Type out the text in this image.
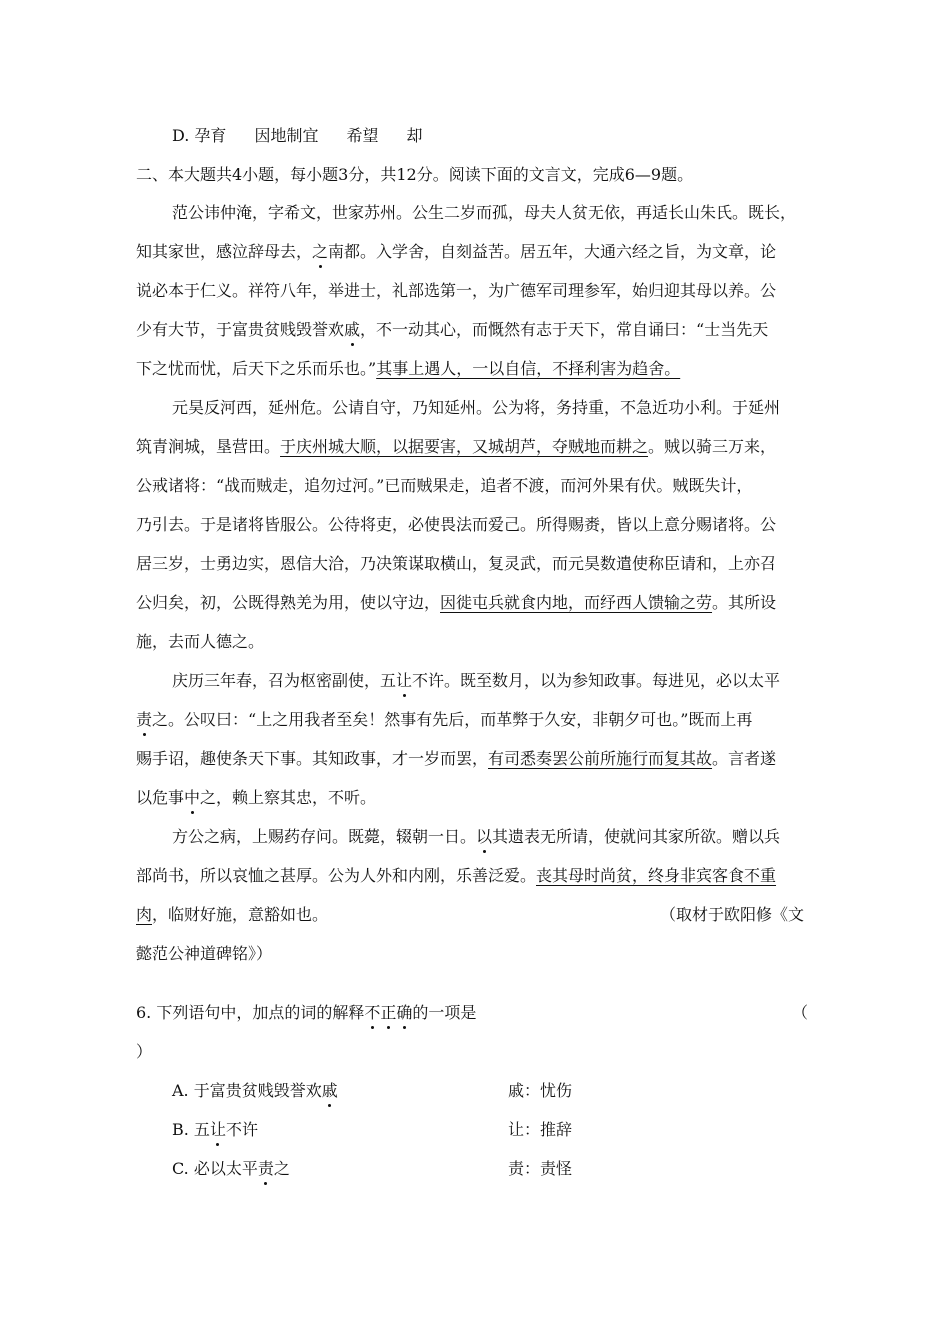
D. 孕育 因地制宜 希望 却
二、本大题共4小题，每小题3分，共12分。阅读下面的文言文，完成6—9题。
范公讳仲淹，字希文，世家苏州。公生二岁而孤，母夫人贫无依，再适长山朱氏。既长，
知其家世，感泣辞母去，之南都。入学舍，自刻益苦。居五年，大通六经之旨，为文章，论
说必本于仁义。祥符八年，举进士，礼部选第一，为广德军司理参军，始归迎其母以养。公
少有大节，于富贵贫贱毁誉欢戚，不一动其心，而慨然有志于天下，常自诵曰：“士当先天
下之忧而忧，后天下之乐而乐也。”其事上遇人，一以自信，不择利害为趋舍。
元昊反河西，延州危。公请自守，乃知延州。公为将，务持重，不急近功小利。于延州
筑青涧城，垦营田。于庆州城大顺，以据要害，又城胡芦，夺贼地而耕之。贼以骑三万来，
公戒诸将：“战而贼走，追勿过河。”已而贼果走，追者不渡，而河外果有伏。贼既失计，
乃引去。于是诸将皆服公。公待将吏，必使畏法而爱己。所得赐赉，皆以上意分赐诸将。公
居三岁，士勇边实，恩信大洽，乃决策谋取横山，复灵武，而元昊数遣使称臣请和，上亦召
公归矣，初，公既得熟羌为用，使以守边，因徙屯兵就食内地，而纾西人馈输之劳。其所设
施，去而人德之。
庆历三年春，召为枢密副使，五让不许。既至数月，以为参知政事。每进见，必以太平
责之。公叹曰：“上之用我者至矣！然事有先后，而革弊于久安，非朝夕可也。”既而上再
赐手诏，趣使条天下事。其知政事，才一岁而罢，有司悉奏罢公前所施行而复其故。言者遂
以危事中之，赖上察其忠，不听。
方公之病，上赐药存问。既薨，辍朝一日。以其遗表无所请，使就问其家所欲。赠以兵
部尚书，所以哀恤之甚厚。公为人外和内刚，乐善泛爱。丧其母时尚贫，终身非宾客食不重
肉，临财好施，意豁如也。	（取材于欧阳修《文
懿范公神道碑铭》）
6. 下列语句中，加点的词的解释不正确的一项是	（
）
A. 于富贵贫贱毁誉欢戚	戚：忧伤
B. 五让不许	让：推辞
C. 必以太平责之	责：责怪
